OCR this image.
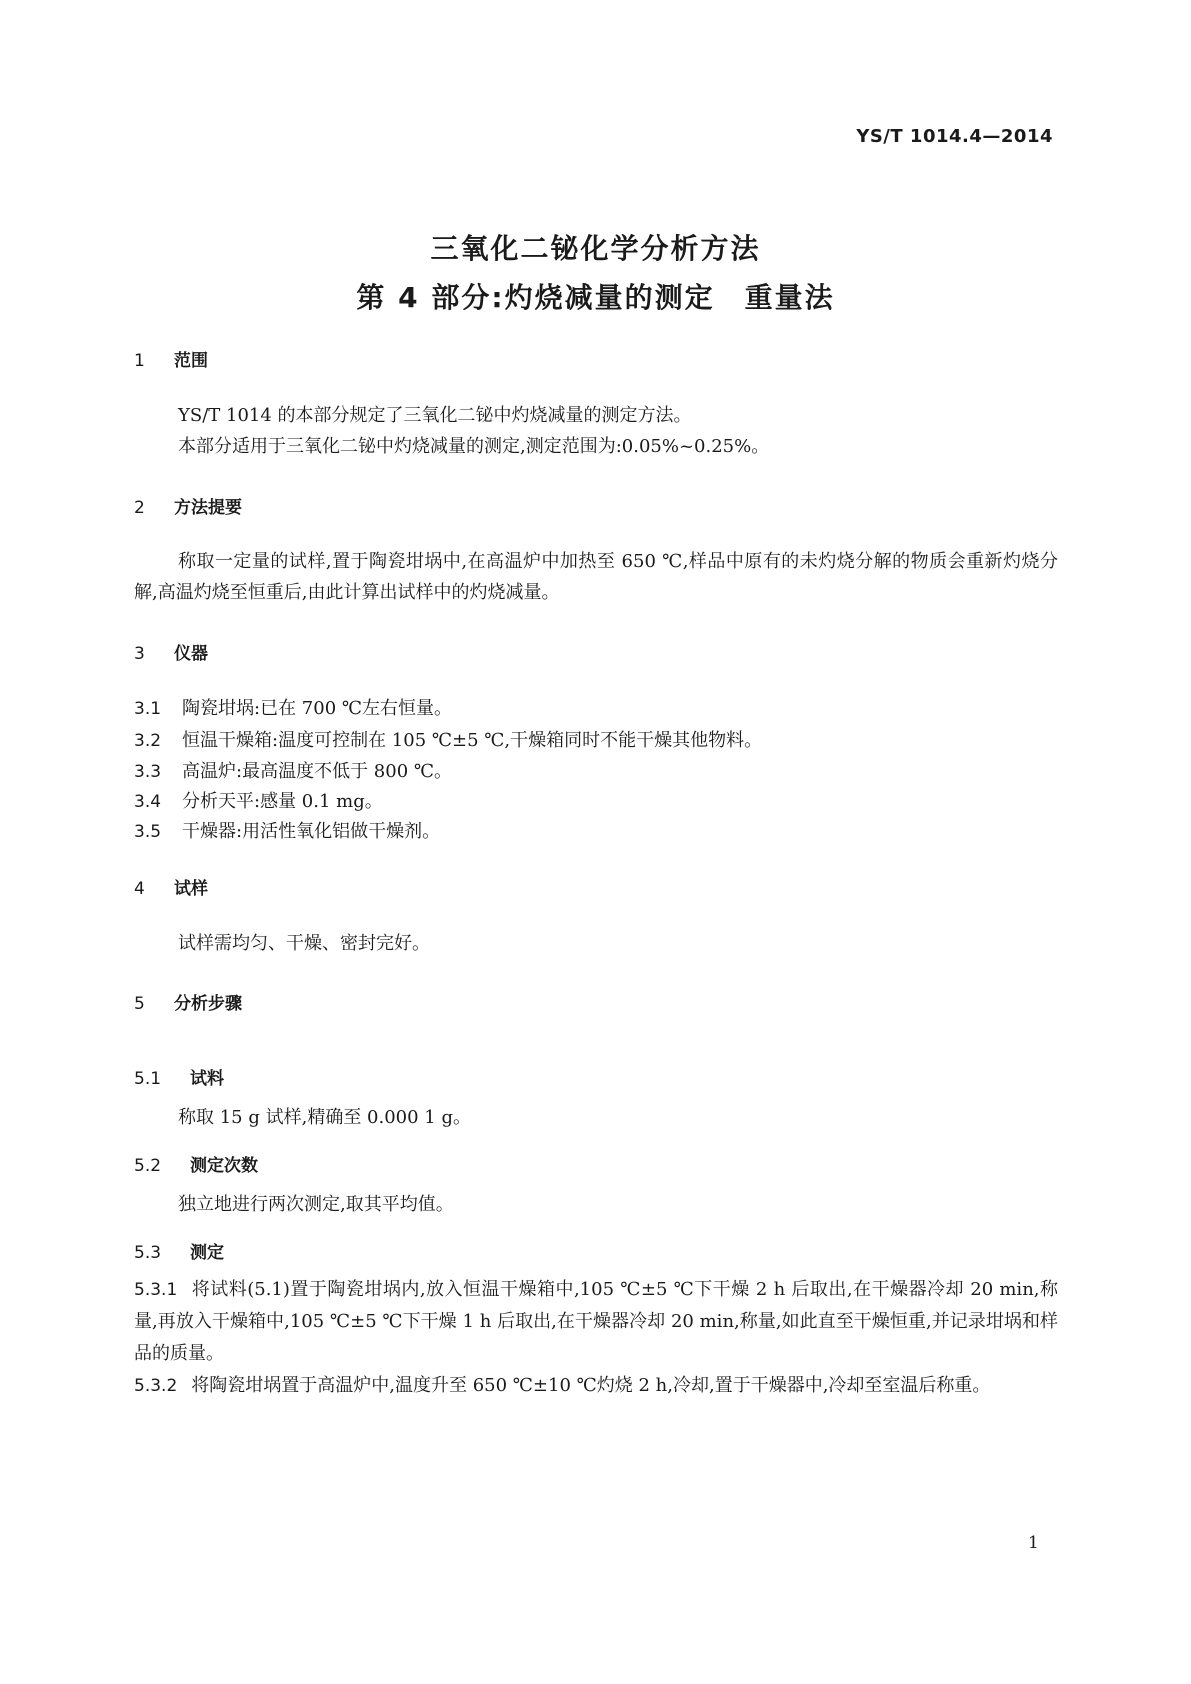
YS/T 1014.4—2014
三氧化二铋化学分析方法
第 4 部分:灼烧减量的测定　重量法
1 范围
YS/T 1014 的本部分规定了三氧化二铋中灼烧减量的测定方法。
本部分适用于三氧化二铋中灼烧减量的测定,测定范围为:0.05%~0.25%。
2 方法提要
称取一定量的试样,置于陶瓷坩埚中,在高温炉中加热至 650 ℃,样品中原有的未灼烧分解的物质会重新灼烧分解,高温灼烧至恒重后,由此计算出试样中的灼烧减量。
3 仪器
3.1 陶瓷坩埚:已在 700 ℃左右恒量。
3.2 恒温干燥箱:温度可控制在 105 ℃±5 ℃,干燥箱同时不能干燥其他物料。
3.3 高温炉:最高温度不低于 800 ℃。
3.4 分析天平:感量 0.1 mg。
3.5 干燥器:用活性氧化铝做干燥剂。
4 试样
试样需均匀、干燥、密封完好。
5 分析步骤
5.1 试料
称取 15 g 试样,精确至 0.000 1 g。
5.2 测定次数
独立地进行两次测定,取其平均值。
5.3 测定
5.3.1 将试料(5.1)置于陶瓷坩埚内,放入恒温干燥箱中,105 ℃±5 ℃下干燥 2 h 后取出,在干燥器冷却 20 min,称量,再放入干燥箱中,105 ℃±5 ℃下干燥 1 h 后取出,在干燥器冷却 20 min,称量,如此直至干燥恒重,并记录坩埚和样品的质量。
5.3.2 将陶瓷坩埚置于高温炉中,温度升至 650 ℃±10 ℃灼烧 2 h,冷却,置于干燥器中,冷却至室温后称重。
1
